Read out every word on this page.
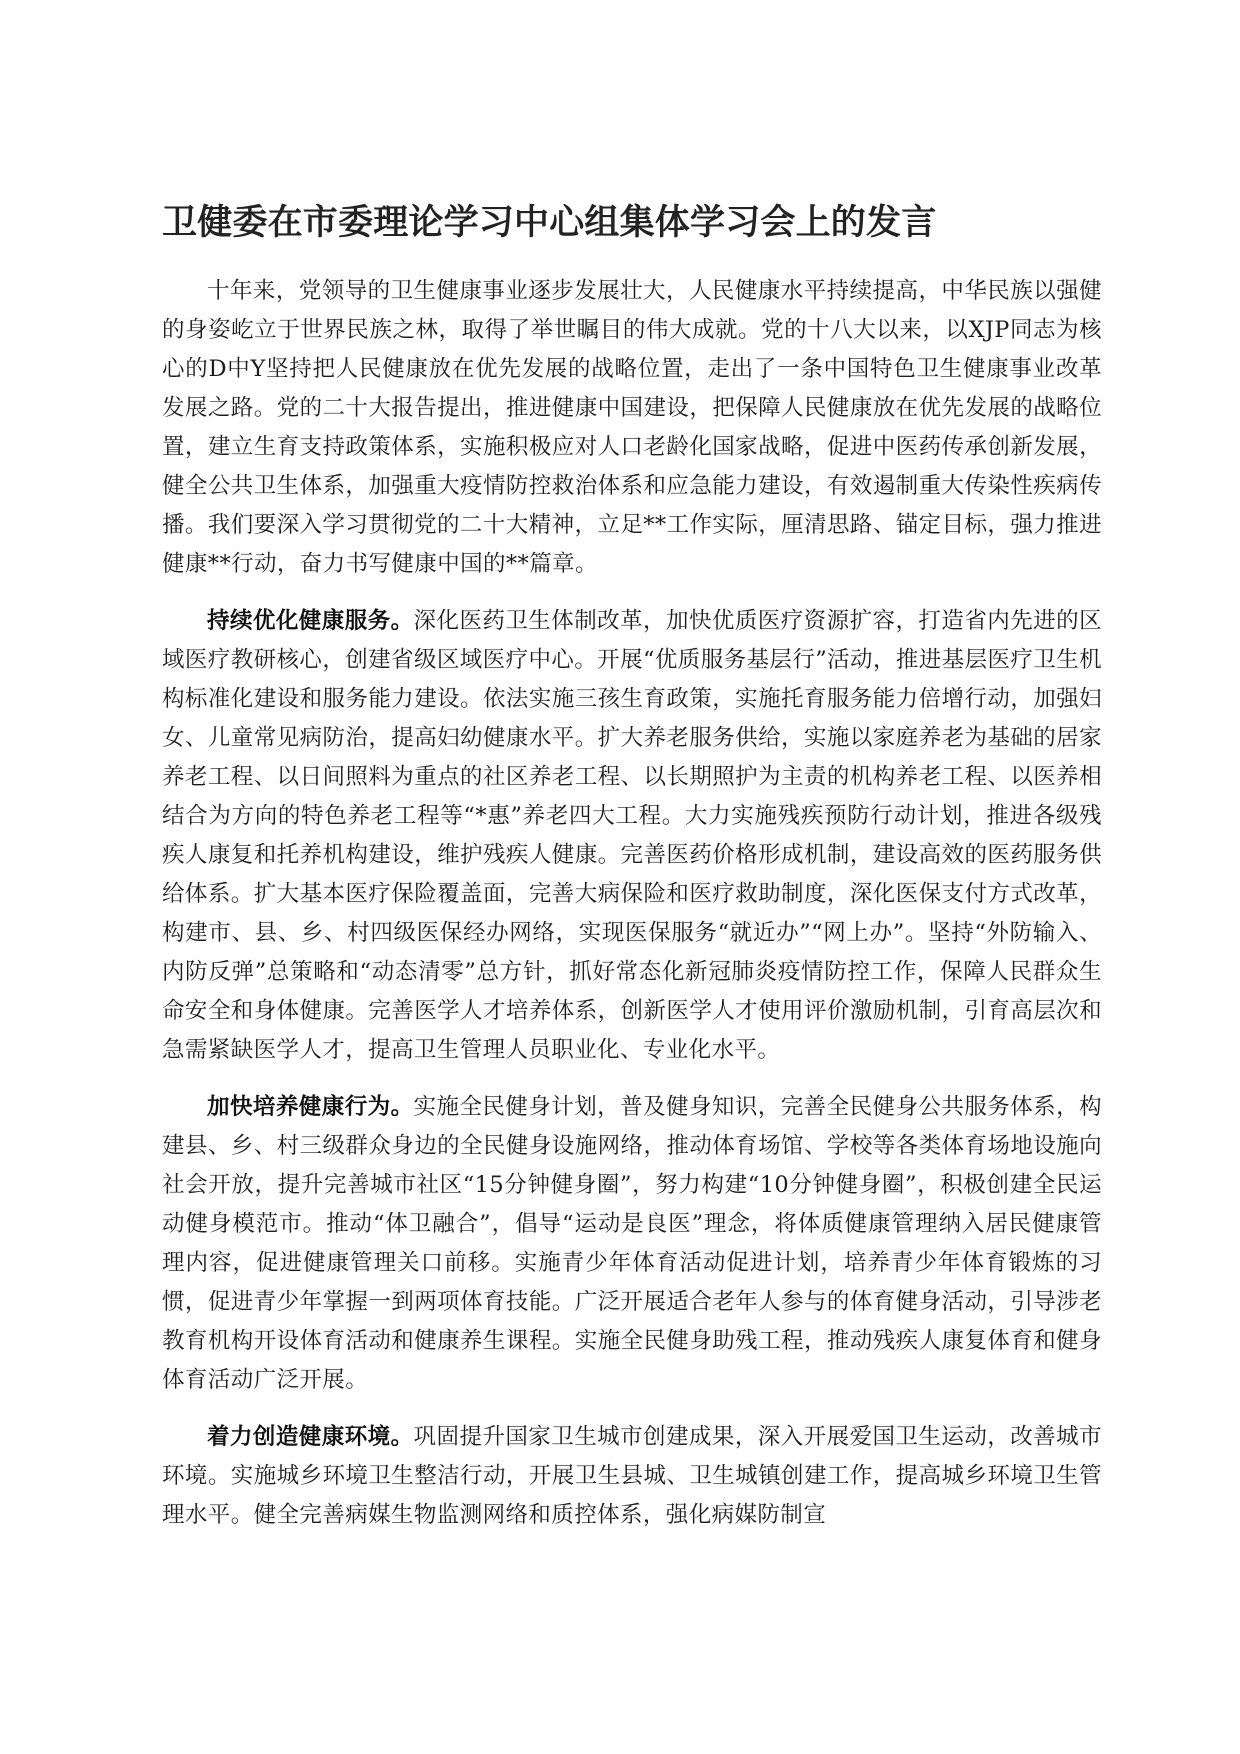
卫健委在市委理论学习中心组集体学习会上的发言

十年来，党领导的卫生健康事业逐步发展壮大，人民健康水平持续提高，中华民族以强健的身姿屹立于世界民族之林，取得了举世瞩目的伟大成就。党的十八大以来，以XJP同志为核心的D中Y坚持把人民健康放在优先发展的战略位置，走出了一条中国特色卫生健康事业改革发展之路。党的二十大报告提出，推进健康中国建设，把保障人民健康放在优先发展的战略位置，建立生育支持政策体系，实施积极应对人口老龄化国家战略，促进中医药传承创新发展，健全公共卫生体系，加强重大疫情防控救治体系和应急能力建设，有效遏制重大传染性疾病传播。我们要深入学习贯彻党的二十大精神，立足**工作实际，厘清思路、锚定目标，强力推进健康**行动，奋力书写健康中国的**篇章。

持续优化健康服务。深化医药卫生体制改革，加快优质医疗资源扩容，打造省内先进的区域医疗教研核心，创建省级区域医疗中心。开展“优质服务基层行”活动，推进基层医疗卫生机构标准化建设和服务能力建设。依法实施三孩生育政策，实施托育服务能力倍增行动，加强妇女、儿童常见病防治，提高妇幼健康水平。扩大养老服务供给，实施以家庭养老为基础的居家养老工程、以日间照料为重点的社区养老工程、以长期照护为主责的机构养老工程、以医养相结合为方向的特色养老工程等“*惠”养老四大工程。大力实施残疾预防行动计划，推进各级残疾人康复和托养机构建设，维护残疾人健康。完善医药价格形成机制，建设高效的医药服务供给体系。扩大基本医疗保险覆盖面，完善大病保险和医疗救助制度，深化医保支付方式改革，构建市、县、乡、村四级医保经办网络，实现医保服务“就近办”“网上办”。坚持“外防输入、内防反弹”总策略和“动态清零”总方针，抓好常态化新冠肺炎疫情防控工作，保障人民群众生命安全和身体健康。完善医学人才培养体系，创新医学人才使用评价激励机制，引育高层次和急需紧缺医学人才，提高卫生管理人员职业化、专业化水平。

加快培养健康行为。实施全民健身计划，普及健身知识，完善全民健身公共服务体系，构建县、乡、村三级群众身边的全民健身设施网络，推动体育场馆、学校等各类体育场地设施向社会开放，提升完善城市社区“15分钟健身圈”，努力构建“10分钟健身圈”，积极创建全民运动健身模范市。推动“体卫融合”，倡导“运动是良医”理念，将体质健康管理纳入居民健康管理内容，促进健康管理关口前移。实施青少年体育活动促进计划，培养青少年体育锻炼的习惯，促进青少年掌握一到两项体育技能。广泛开展适合老年人参与的体育健身活动，引导涉老教育机构开设体育活动和健康养生课程。实施全民健身助残工程，推动残疾人康复体育和健身体育活动广泛开展。

着力创造健康环境。巩固提升国家卫生城市创建成果，深入开展爱国卫生运动，改善城市环境。实施城乡环境卫生整洁行动，开展卫生县城、卫生城镇创建工作，提高城乡环境卫生管理水平。健全完善病媒生物监测网络和质控体系，强化病媒防制宣
